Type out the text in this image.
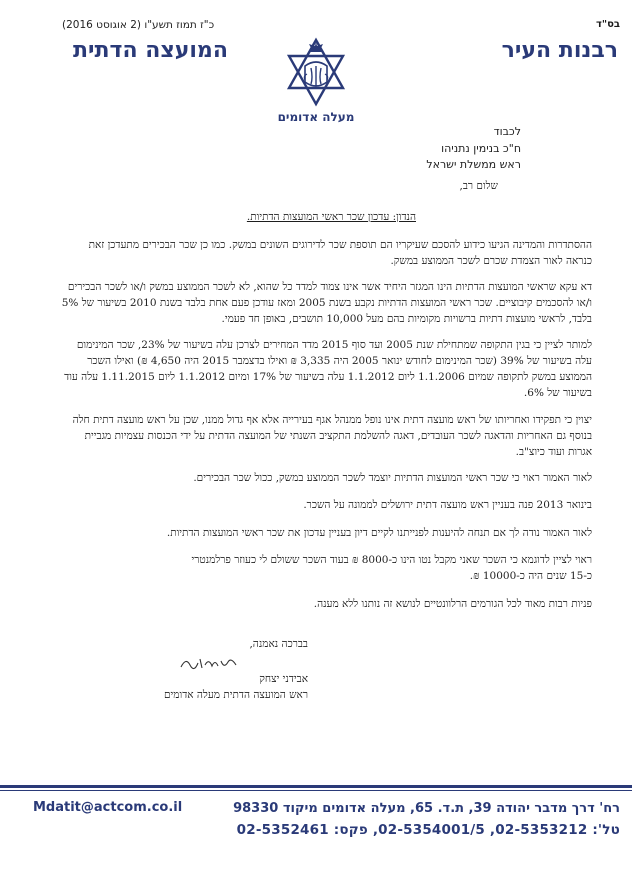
בס"ד
כ"ז תמוז תשע"ו (2 אוגוסט 2016)
רבנות העיר
המועצה הדתית
מעלה אדומים
לכבוד
ח"כ בנימין נתניהו
ראש ממשלת ישראל
שלום רב,
הנדון: עדכון שכר ראשי המועצות הדתיות.
ההסתדרות והמדינה הגיעו כידוע להסכם שעיקריו הם תוספת שכר לדירוגים השונים במשק. כמו כן שכר הבכירים מתעדכן זאת
כנראה לאור הצמדת שכרם לשכר הממוצע במשק.
דא עקא שראשי המועצות הדתיות הינו המגזר היחיד אשר אינו צמוד למדד כל שהוא, לא לשכר הממוצע במשק ו/או לשכר הבכירים
ו/או להסכמים קיבוציים. שכר ראשי המועצות הדתיות נקבע בשנת 2005 ומאז עודכן פעם אחת בלבד בשנת 2010 בשיעור של 5%
בלבד, לראשי מועצות דתיות ברשויות מקומיות בהם מעל 10,000 תושבים, באופן חד פעמי.
למותר לציין כי בגין התקופה שמתחילת שנת 2005 ועד סוף 2015 מדד המחירים לצרכן עלה בשיעור של 23%, שכר המינימום
עלה בשיעור של 39% (שכר המינימום לחודש ינואר 2005 היה 3,335 ₪ ואילו בדצמבר 2015 היה 4,650 ₪) ואילו השכר
הממוצע במשק לתקופה שמיום 1.1.2006 ליום 1.1.2012 עלה בשיעור של 17% ומיום 1.1.2012 ליום 1.11.2015 עלה עוד
בשיעור של 6%.
יצוין כי תפקידו ואחריותו של ראש מועצה דתית אינו נופל ממנהל אגף בעירייה אלא אף גדול ממנו, שכן על ראש מועצה דתית חלה
בנוסף גם האחריות והדאגה לשכר העובדים, דאגה להשלמת התקציב השנתי של המועצה הדתית על ידי הכנסות עצמיות מגביית
אגרות ועוד כיוצ"ב.
לאור האמור ראוי כי שכר ראשי המועצות הדתיות יוצמד לשכר הממוצע במשק, ככול שכר הבכירים.
בינואר 2013 פנה בעניין ראש מועצה דתית ירושלים לממונה על השכר.
לאור האמור נודה לך אם תנחה להיענות לפנייתנו לקיים דיון בעניין עדכון את שכר ראשי המועצות הדתיות.
ראוי לציין לדוגמא כי השכר שאני מקבל נטו הינו כ-8000 ₪ בעוד השכר ששולם לי כעוזר פרלמנטרי
כ-15 שנים היה כ-10000 ₪.
פניות רבות מאוד לכל הגורמים הרלוונטיים לנושא זה נותנו ללא מענה.
בברכה נאמנה,
אבידני יצחק
ראש המועצה הדתית מעלה אדומים
Mdatit@actcom.co.il	רח' דרך מדבר יהודה 39, ת.ד. 65, מעלה אדומים מיקוד 98330
טל': 02-5353212, 02-5354001/5, פקס: 02-5352461
